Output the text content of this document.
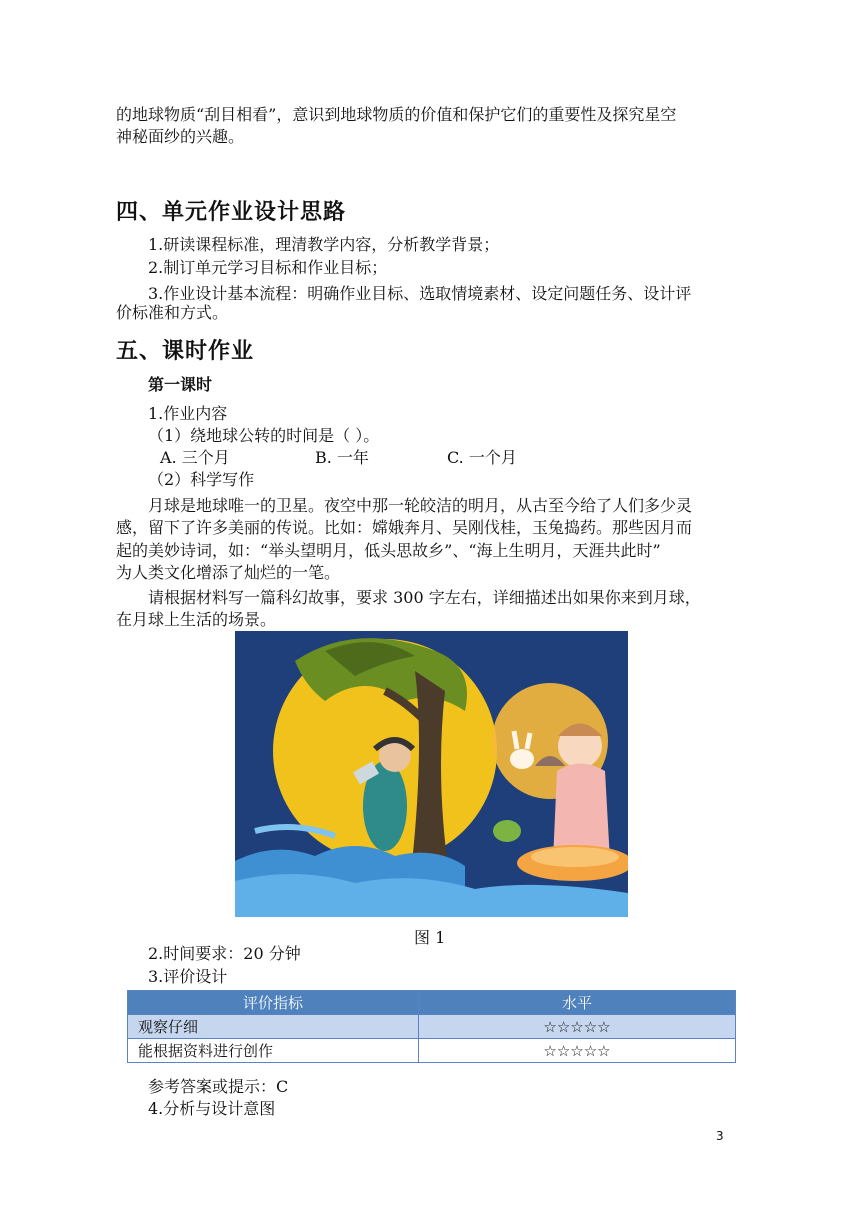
的地球物质“刮目相看”，意识到地球物质的价值和保护它们的重要性及探究星空
神秘面纱的兴趣。
四、单元作业设计思路
1.研读课程标准，理清教学内容，分析教学背景；
2.制订单元学习目标和作业目标；
3.作业设计基本流程：明确作业目标、选取情境素材、设定问题任务、设计评
价标准和方式。
五、课时作业
第一课时
1.作业内容
（1）绕地球公转的时间是（ ）。
A. 三个月	B. 一年	C. 一个月
（2）科学写作
月球是地球唯一的卫星。夜空中那一轮皎洁的明月，从古至今给了人们多少灵
感，留下了许多美丽的传说。比如：嫦娥奔月、吴刚伐桂，玉兔捣药。那些因月而
起的美妙诗词，如：“举头望明月，低头思故乡”、“海上生明月，天涯共此时”
为人类文化增添了灿烂的一笔。
请根据材料写一篇科幻故事，要求 300 字左右，详细描述出如果你来到月球，
在月球上生活的场景。
图 1
2.时间要求：20 分钟
3.评价设计
评价指标	水平
观察仔细	☆☆☆☆☆
能根据资料进行创作	☆☆☆☆☆
参考答案或提示：C
4.分析与设计意图
3
